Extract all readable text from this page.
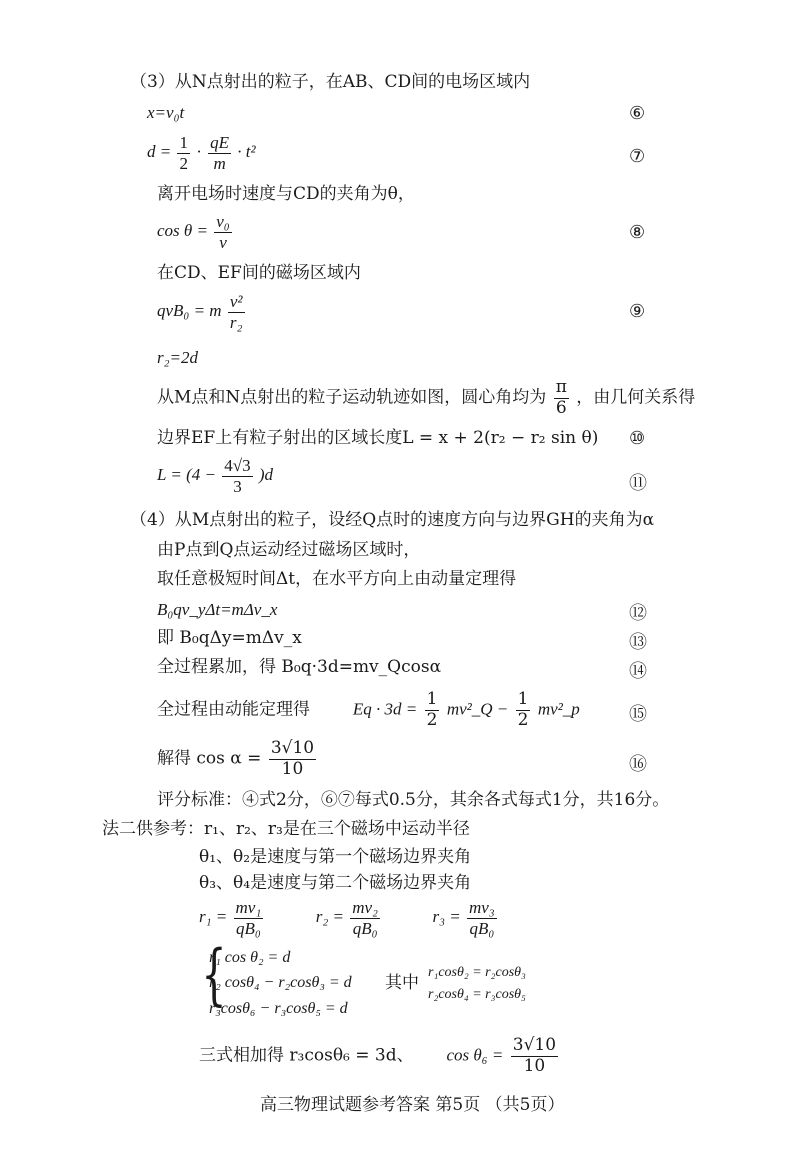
（3）从N点射出的粒子，在AB、CD间的电场区域内
x=v₀t	⑥
$d = \frac{1}{2} \cdot \frac{qE}{m} \cdot t^2$	⑦
离开电场时速度与CD的夹角为θ，
$\cos \theta = \frac{\text{v₀}}{v}$	⑧
在CD、EF间的磁场区域内
qvB₀ = m $\frac{\text{v²}}{\text{r₂}}$	⑨
r₂=2d
从M点和N点射出的粒子运动轨迹如图，圆心角均为 $\frac{\pi}{6}$ ，由几何关系得
边界EF上有粒子射出的区域长度L = x + 2(r₂ − r₂ sin θ) ⑩
$L = (4 - \frac{4√3}{3} )d$	⑪
（4）从M点射出的粒子，设经Q点时的速度方向与边界GH的夹角为α
由P点到Q点运动经过磁场区域时，
取任意极短时间Δt，在水平方向上由动量定理得
B₀qv_yΔt=mΔv_x	⑫
即 B₀qΔy=mΔv_x	⑬
全过程累加，得 B₀q·3d=mv_Qcosα	⑭
全过程由动能定理得	$Eq \cdot 3d = \frac{1}{2}$ mv²_Q − $\frac{1}{2}$ mv²_p	⑮
解得 $\cos \alpha = \frac{3√10}{10}$	⑯
评分标准：④式2分，⑥⑦每式0.5分，其余各式每式1分，共16分。
法二供参考：r₁、r₂、r₃是在三个磁场中运动半径
θ₁、θ₂是速度与第一个磁场边界夹角
θ₃、θ₄是速度与第二个磁场边界夹角
$r_1 = \frac{\text{mv₁}}{\text{qB₀}}$	$r_2 = \frac{\text{mv₂}}{\text{qB₀}}$	$r_3 = \frac{\text{mv₃}}{\text{qB₀}}$
{
r₁ cos θ₂ = d
r₂ cosθ₄ − r₂cosθ₃ = d
r₃cosθ₆ − r₃cosθ₅ = d
其中
r₁cosθ₂ = r₂cosθ₃
r₂cosθ₄ = r₃cosθ₅
三式相加得 r₃cosθ₆ = 3d、 $\cos \theta_6 = \frac{3√10}{10}$
高三物理试题参考答案 第5页 （共5页）
